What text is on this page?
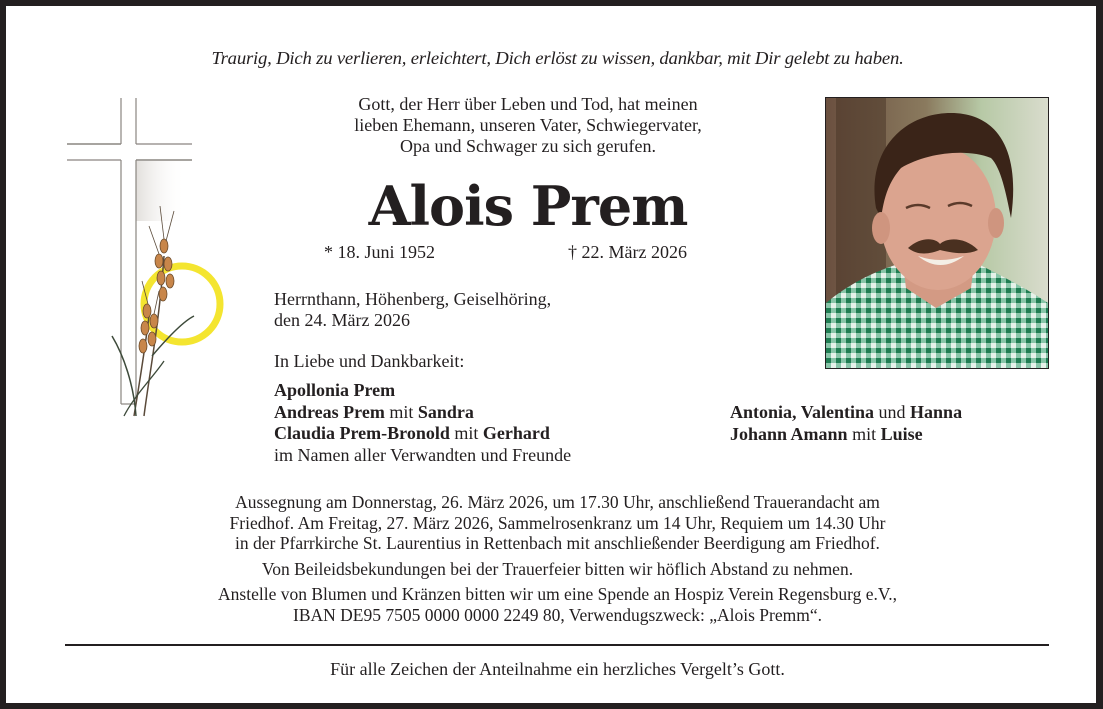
Traurig, Dich zu verlieren, erleichtert, Dich erlöst zu wissen, dankbar, mit Dir gelebt zu haben.
Gott, der Herr über Leben und Tod, hat meinen
lieben Ehemann, unseren Vater, Schwiegervater,
Opa und Schwager zu sich gerufen.
Alois Prem
* 18. Juni 1952	† 22. März 2026
Herrnthann, Höhenberg, Geiselhöring,
den 24. März 2026
In Liebe und Dankbarkeit:
Apollonia Prem
Andreas Prem mit Sandra
Claudia Prem-Bronold mit Gerhard
im Namen aller Verwandten und Freunde
Antonia, Valentina und Hanna
Johann Amann mit Luise

Aussegnung am Donnerstag, 26. März 2026, um 17.30 Uhr, anschließend Trauerandacht am

Friedhof. Am Freitag, 27. März 2026, Sammelrosenkranz um 14 Uhr, Requiem um 14.30 Uhr

in der Pfarrkirche St. Laurentius in Rettenbach mit anschließender Beerdigung am Friedhof.

Von Beileidsbekundungen bei der Trauerfeier bitten wir höflich Abstand zu nehmen.

Anstelle von Blumen und Kränzen bitten wir um eine Spende an Hospiz Verein Regensburg e.V.,

IBAN DE95 7505 0000 0000 2249 80, Verwendugszweck: „Alois Premm“.

Für alle Zeichen der Anteilnahme ein herzliches Vergelt’s Gott.
